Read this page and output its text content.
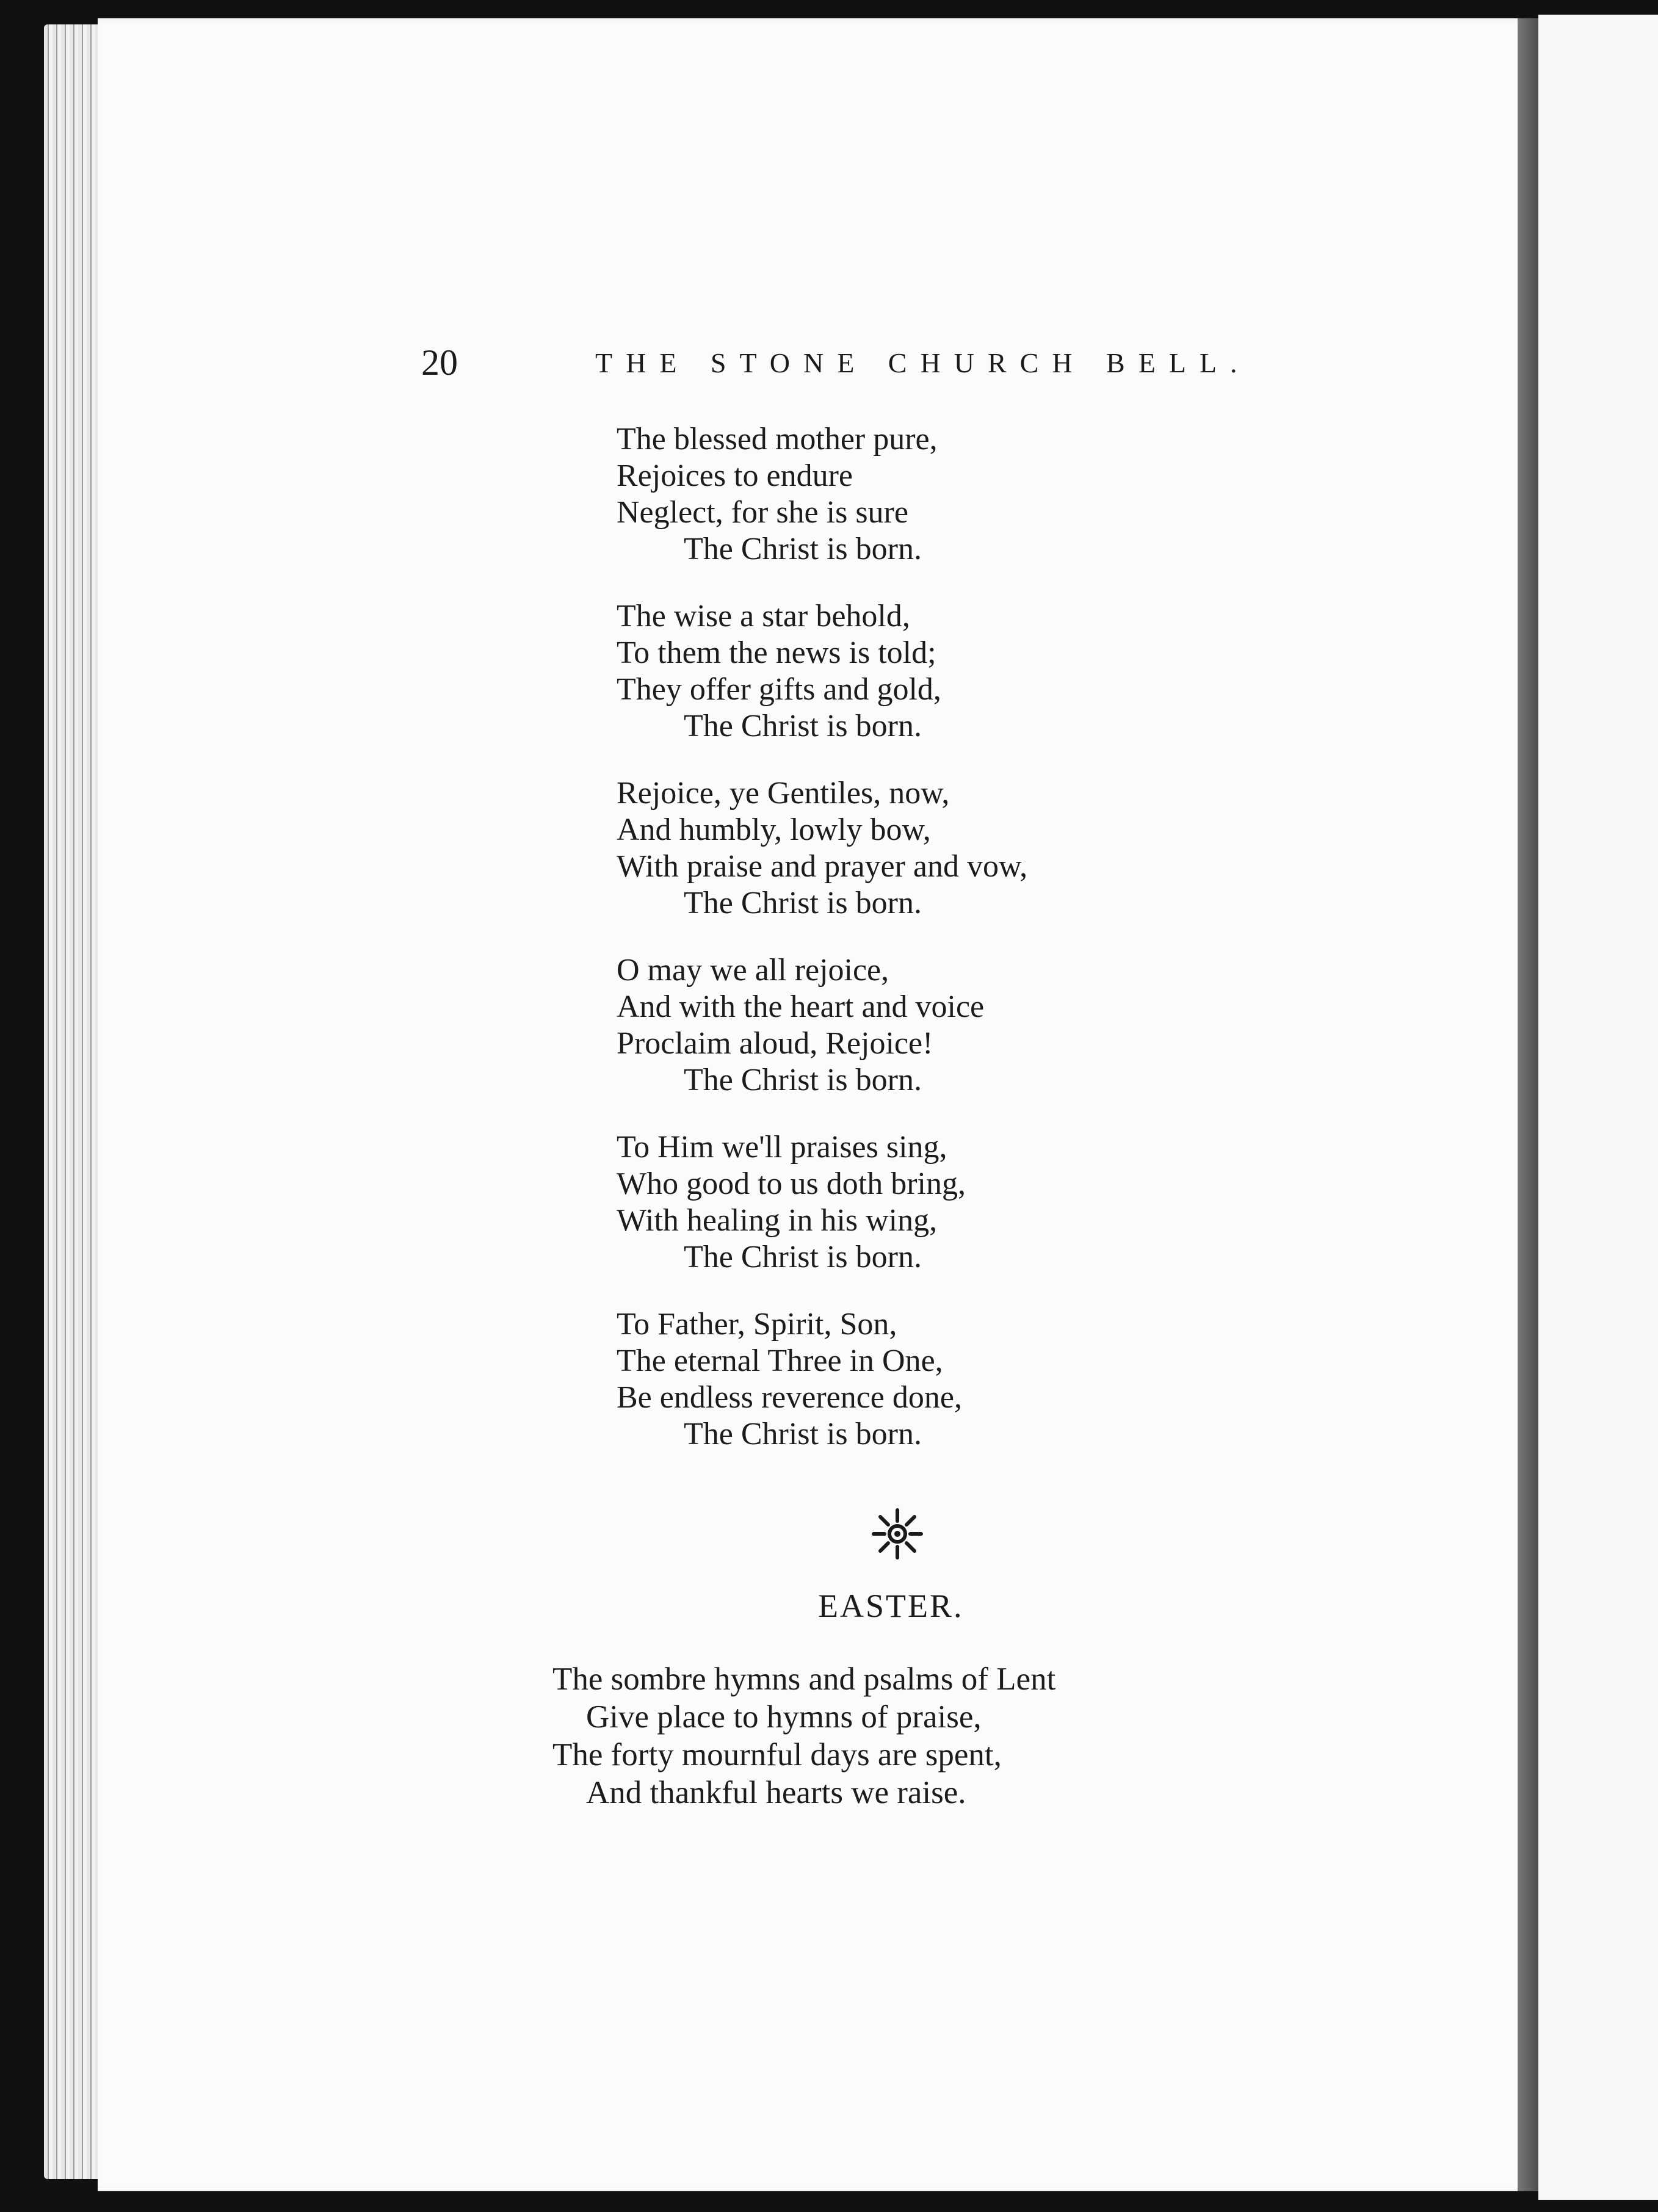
20	THE STONE CHURCH BELL.
The blessed mother pure,
Rejoices to endure
Neglect, for she is sure
The Christ is born.
The wise a star behold,
To them the news is told;
They offer gifts and gold,
The Christ is born.
Rejoice, ye Gentiles, now,
And humbly, lowly bow,
With praise and prayer and vow,
The Christ is born.
O may we all rejoice,
And with the heart and voice
Proclaim aloud, Rejoice!
The Christ is born.
To Him we'll praises sing,
Who good to us doth bring,
With healing in his wing,
The Christ is born.
To Father, Spirit, Son,
The eternal Three in One,
Be endless reverence done,
The Christ is born.
EASTER.
The sombre hymns and psalms of Lent
Give place to hymns of praise,
The forty mournful days are spent,
And thankful hearts we raise.
